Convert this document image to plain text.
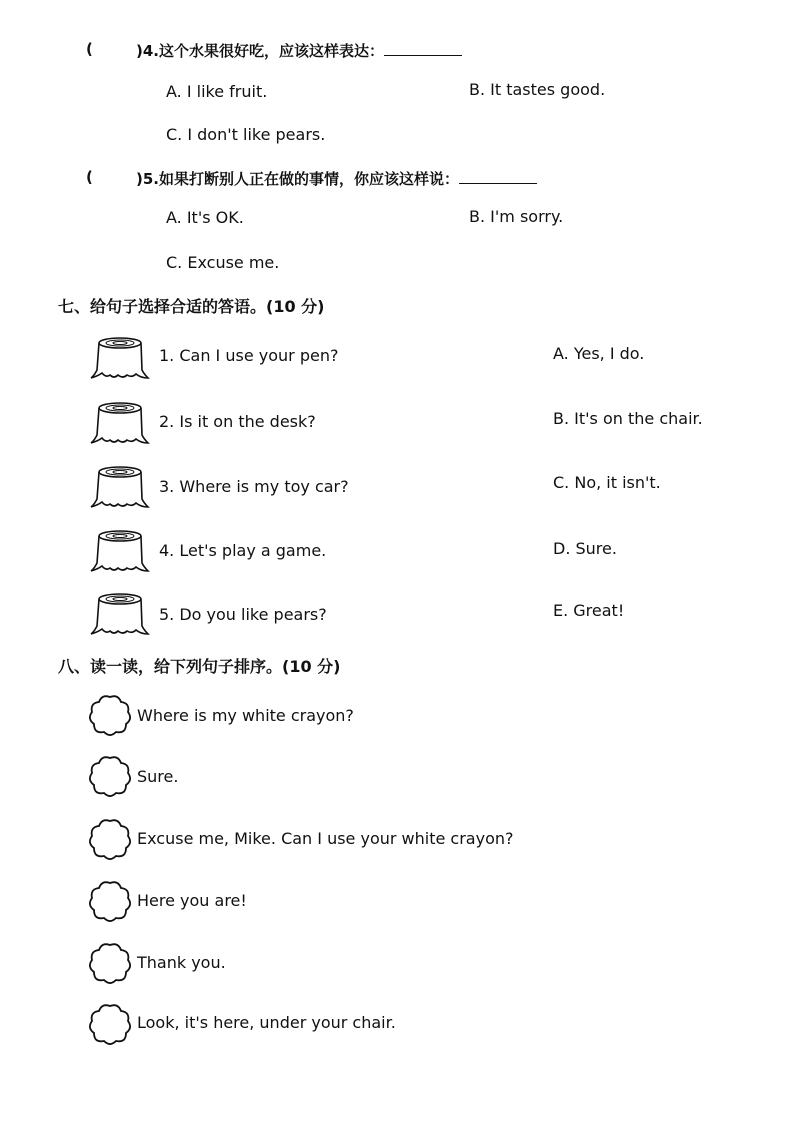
(	)4.这个水果很好吃，应该这样表达：
A. I like fruit.	B. It tastes good.
C. I don't like pears.
(	)5.如果打断别人正在做的事情，你应该这样说：
A. It's OK.	B. I'm sorry.
C. Excuse me.
七、给句子选择合适的答语。(10 分)
1. Can I use your pen?
2. Is it on the desk?
3. Where is my toy car?
4. Let's play a game.
5. Do you like pears?
A. Yes, I do.
B. It's on the chair.
C. No, it isn't.
D. Sure.
E. Great!
八、读一读，给下列句子排序。(10 分)
Where is my white crayon?
Sure.
Excuse me, Mike. Can I use your white crayon?
Here you are!
Thank you.
Look, it's here, under your chair.
